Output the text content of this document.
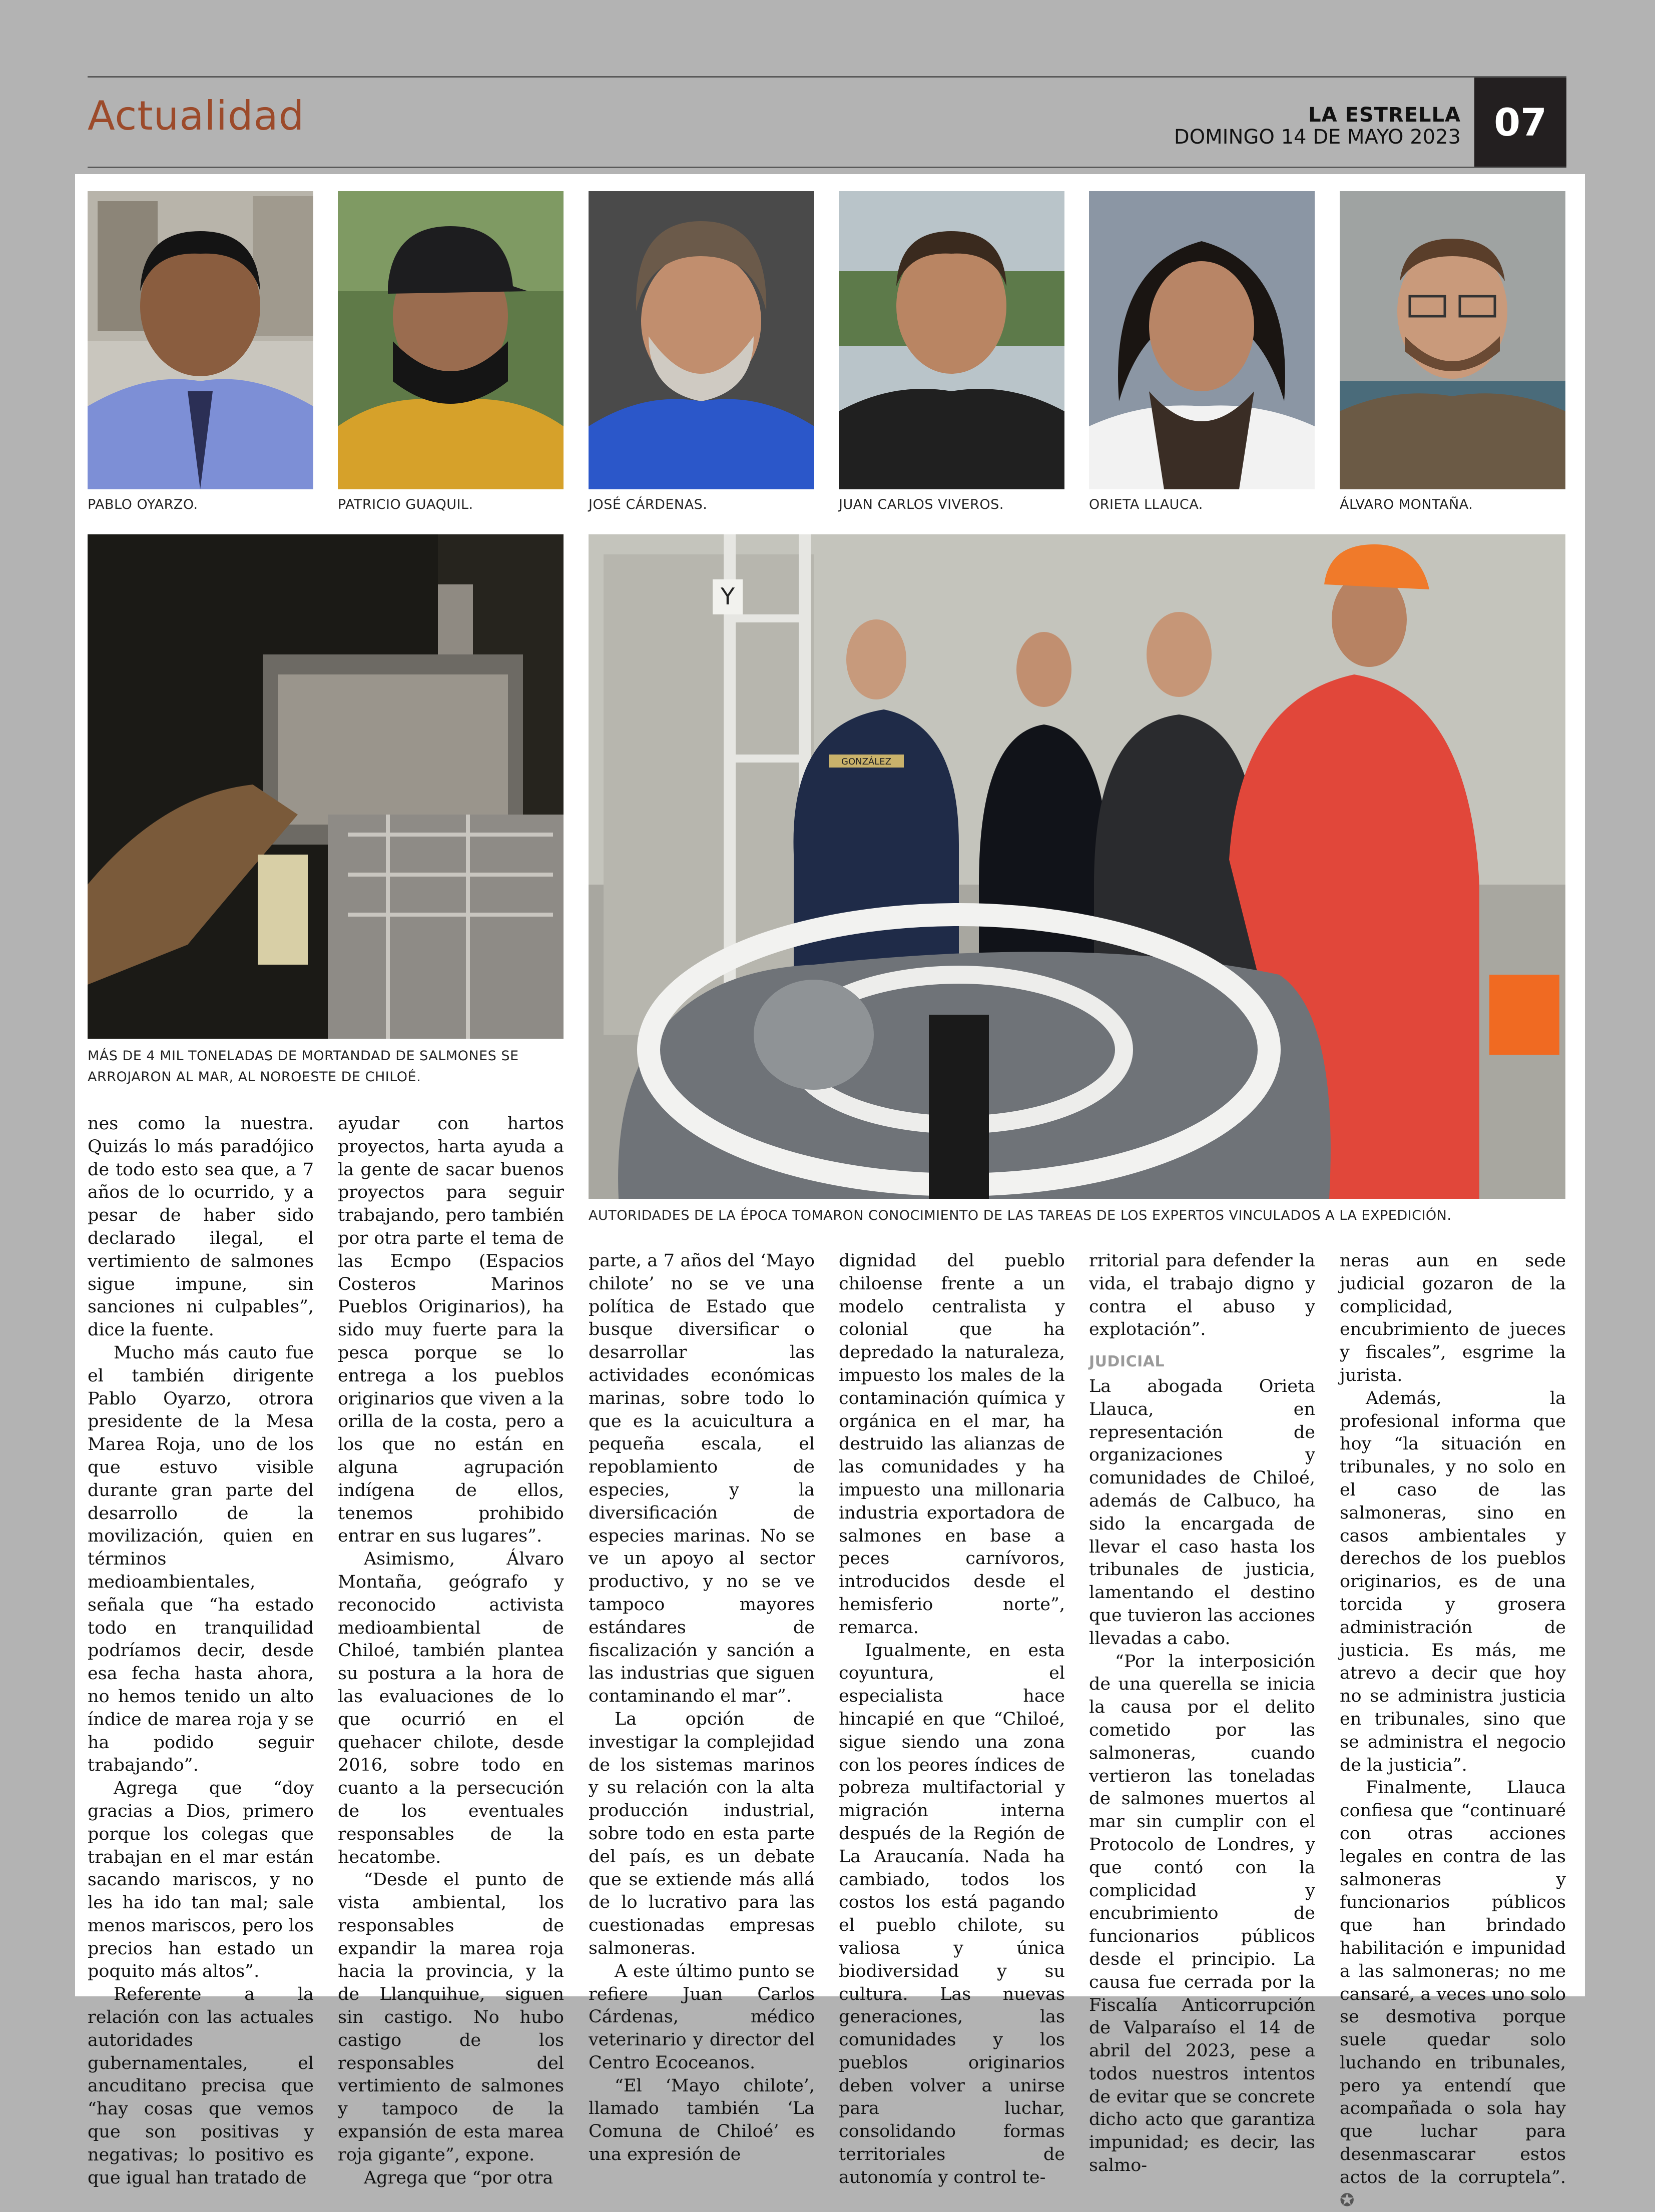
Actualidad	LA ESTRELLA
DOMINGO 14 DE MAYO 2023 07
PABLO OYARZO.	PATRICIO GUAQUIL.	JOSÉ CÁRDENAS.	JUAN CARLOS VIVEROS.	ORIETA LLAUCA.	ÁLVARO MONTAÑA.
MÁS DE 4 MIL TONELADAS DE MORTANDAD DE SALMONES SE ARROJARON AL MAR, AL NOROESTE DE CHILOÉ.
Y
GONZÁLEZ
AUTORIDADES DE LA ÉPOCA TOMARON CONOCIMIENTO DE LAS TAREAS DE LOS EXPERTOS VINCULADOS A LA EXPEDICIÓN.

nes como la nuestra. Quizás lo más paradójico de todo esto sea que, a 7 años de lo ocurrido, y a pesar de haber sido declarado ilegal, el vertimiento de salmones sigue impune, sin sanciones ni culpables”, dice la fuente.

Mucho más cauto fue el también dirigente Pablo Oyarzo, otrora presidente de la Mesa Marea Roja, uno de los que estuvo visible durante gran parte del desarrollo de la movilización, quien en términos medioambientales, señala que “ha estado todo en tranquilidad podríamos decir, desde esa fecha hasta ahora, no hemos tenido un alto índice de marea roja y se ha podido seguir trabajando”.

Agrega que “doy gracias a Dios, primero porque los colegas que trabajan en el mar están sacando mariscos, y no les ha ido tan mal; sale menos mariscos, pero los precios han estado un poquito más altos”.

Referente a la relación con las actuales autoridades gubernamentales, el ancuditano precisa que “hay cosas que vemos que son positivas y negativas; lo positivo es que igual han tratado de

ayudar con hartos proyectos, harta ayuda a la gente de sacar buenos proyectos para seguir trabajando, pero también por otra parte el tema de las Ecmpo (Espacios Costeros Marinos Pueblos Originarios), ha sido muy fuerte para la pesca porque se lo entrega a los pueblos originarios que viven a la orilla de la costa, pero a los que no están en alguna agrupación indígena de ellos, tenemos prohibido entrar en sus lugares”.

Asimismo, Álvaro Montaña, geógrafo y reconocido activista medioambiental de Chiloé, también plantea su postura a la hora de las evaluaciones de lo que ocurrió en el quehacer chilote, desde 2016, sobre todo en cuanto a la persecución de los eventuales responsables de la hecatombe.

“Desde el punto de vista ambiental, los responsables de expandir la marea roja hacia la provincia, y la de Llanquihue, siguen sin castigo. No hubo castigo de los responsables del vertimiento de salmones y tampoco de la expansión de esta marea roja gigante”, expone.

Agrega que “por otra

parte, a 7 años del ‘Mayo chilote’ no se ve una política de Estado que busque diversificar o desarrollar las actividades económicas marinas, sobre todo lo que es la acuicultura a pequeña escala, el repoblamiento de especies, y la diversificación de especies marinas. No se ve un apoyo al sector productivo, y no se ve tampoco mayores estándares de fiscalización y sanción a las industrias que siguen contaminando el mar”.

La opción de investigar la complejidad de los sistemas marinos y su relación con la alta producción industrial, sobre todo en esta parte del país, es un debate que se extiende más allá de lo lucrativo para las cuestionadas empresas salmoneras.

A este último punto se refiere Juan Carlos Cárdenas, médico veterinario y director del Centro Ecoceanos.

“El ‘Mayo chilote’, llamado también ‘La Comuna de Chiloé’ es una expresión de

dignidad del pueblo chiloense frente a un modelo centralista y colonial que ha depredado la naturaleza, impuesto los males de la contaminación química y orgánica en el mar, ha destruido las alianzas de las comunidades y ha impuesto una millonaria industria exportadora de salmones en base a peces carnívoros, introducidos desde el hemisferio norte”, remarca.

Igualmente, en esta coyuntura, el especialista hace hincapié en que “Chiloé, sigue siendo una zona con los peores índices de pobreza multifactorial y migración interna después de la Región de La Araucanía. Nada ha cambiado, todos los costos los está pagando el pueblo chilote, su valiosa y única biodiversidad y su cultura. Las nuevas generaciones, las comunidades y los pueblos originarios deben volver a unirse para luchar, consolidando formas territoriales de autonomía y control te-

rritorial para defender la vida, el trabajo digno y contra el abuso y explotación”.

JUDICIAL

La abogada Orieta Llauca, en representación de organizaciones y comunidades de Chiloé, además de Calbuco, ha sido la encargada de llevar el caso hasta los tribunales de justicia, lamentando el destino que tuvieron las acciones llevadas a cabo.

“Por la interposición de una querella se inicia la causa por el delito cometido por las salmoneras, cuando vertieron las toneladas de salmones muertos al mar sin cumplir con el Protocolo de Londres, y que contó con la complicidad y encubrimiento de funcionarios públicos desde el principio. La causa fue cerrada por la Fiscalía Anticorrupción de Valparaíso el 14 de abril del 2023, pese a todos nuestros intentos de evitar que se concrete dicho acto que garantiza impunidad; es decir, las salmo-

neras aun en sede judicial gozaron de la complicidad, encubrimiento de jueces y fiscales”, esgrime la jurista.

Además, la profesional informa que hoy “la situación en tribunales, y no solo en el caso de las salmoneras, sino en casos ambientales y derechos de los pueblos originarios, es de una torcida y grosera administración de justicia. Es más, me atrevo a decir que hoy no se administra justicia en tribunales, sino que se administra el negocio de la justicia”.

Finalmente, Llauca confiesa que “continuaré con otras acciones legales en contra de las salmoneras y funcionarios públicos que han brindado habilitación e impunidad a las salmoneras; no me cansaré, a veces uno solo se desmotiva porque suele quedar solo luchando en tribunales, pero ya entendí que acompañada o sola hay que luchar para desenmascarar estos actos de la corruptela”. ✪
